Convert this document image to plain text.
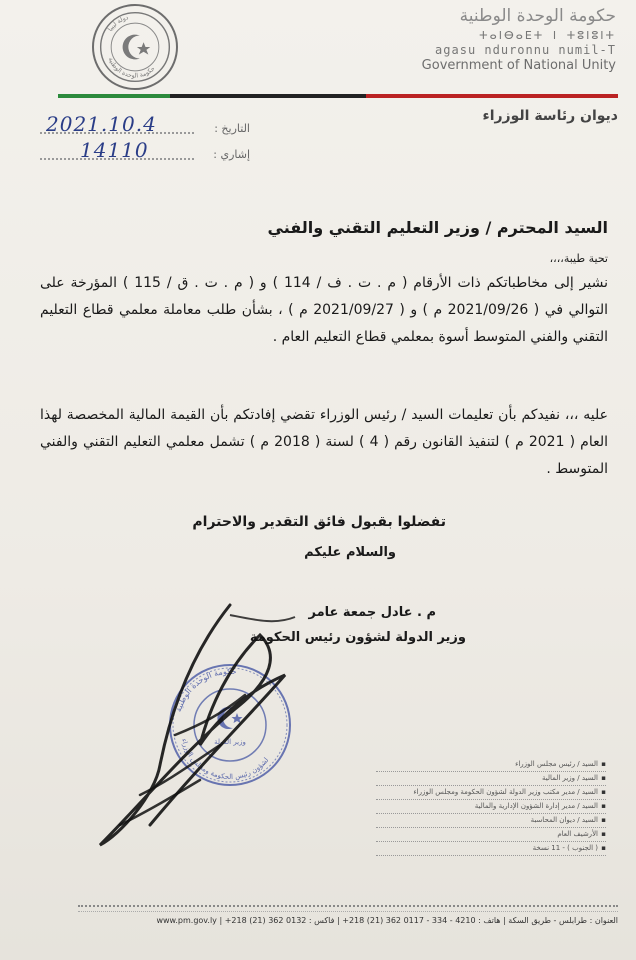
دولة ليبيا
حكومة الوحدة الوطنية
حكومة الوحدة الوطنية
ⵜⴰⵏⴱⴰⴹⵜ ⵏ ⵜⵓⵏⵓⵏⵜ
agasu nduronnu numil-T
Government of National Unity
ديوان رئاسة الوزراء
التاريخ :
2021.10.4
إشاري :
14110
السيد المحترم / وزير التعليم التقني والفني
تحية طيبة،،،،

نشير إلى مخاطباتكم ذات الأرقام ( م . ت . ف / 114 ) و ( م . ت . ق / 115 ) المؤرخة على التوالي في ( 2021/09/26 م ) و ( 2021/09/27 م ) ، بشأن طلب معاملة معلمي قطاع التعليم التقني والفني المتوسط أسوة بمعلمي قطاع التعليم العام .

عليه ،،، نفيدكم بأن تعليمات السيد / رئيس الوزراء تقضي إفادتكم بأن القيمة المالية المخصصة لهذا العام ( 2021 م ) لتنفيذ القانون رقم ( 4 ) لسنة ( 2018 م ) تشمل معلمي التعليم التقني والفني المتوسط .

تفضلوا بقبول فائق التقدير والاحترام
والسلام عليكم
م . عادل جمعة عامر
وزير الدولة لشؤون رئيس الحكومة
حكومة الوحدة الوطنية
لشؤون رئيس الحكومة ومجلس الوزراء
وزير الدولة
▪ السيد / رئيس مجلس الوزراء
▪ السيد / وزير المالية
▪ السيد / مدير مكتب وزير الدولة لشؤون الحكومة ومجلس الوزراء
▪ السيد / مدير إدارة الشؤون الإدارية والمالية
▪ السيد / ديوان المحاسبة
▪ الأرشيف العام
▪ ( الجنوب ) - 11 نسخة
العنوان : طرابلس - طريق السكة | هاتف : 4210 - 334 - 0117 362 (21) 218+ | فاكس : 0132 362 (21) 218+ | www.pm.gov.ly
